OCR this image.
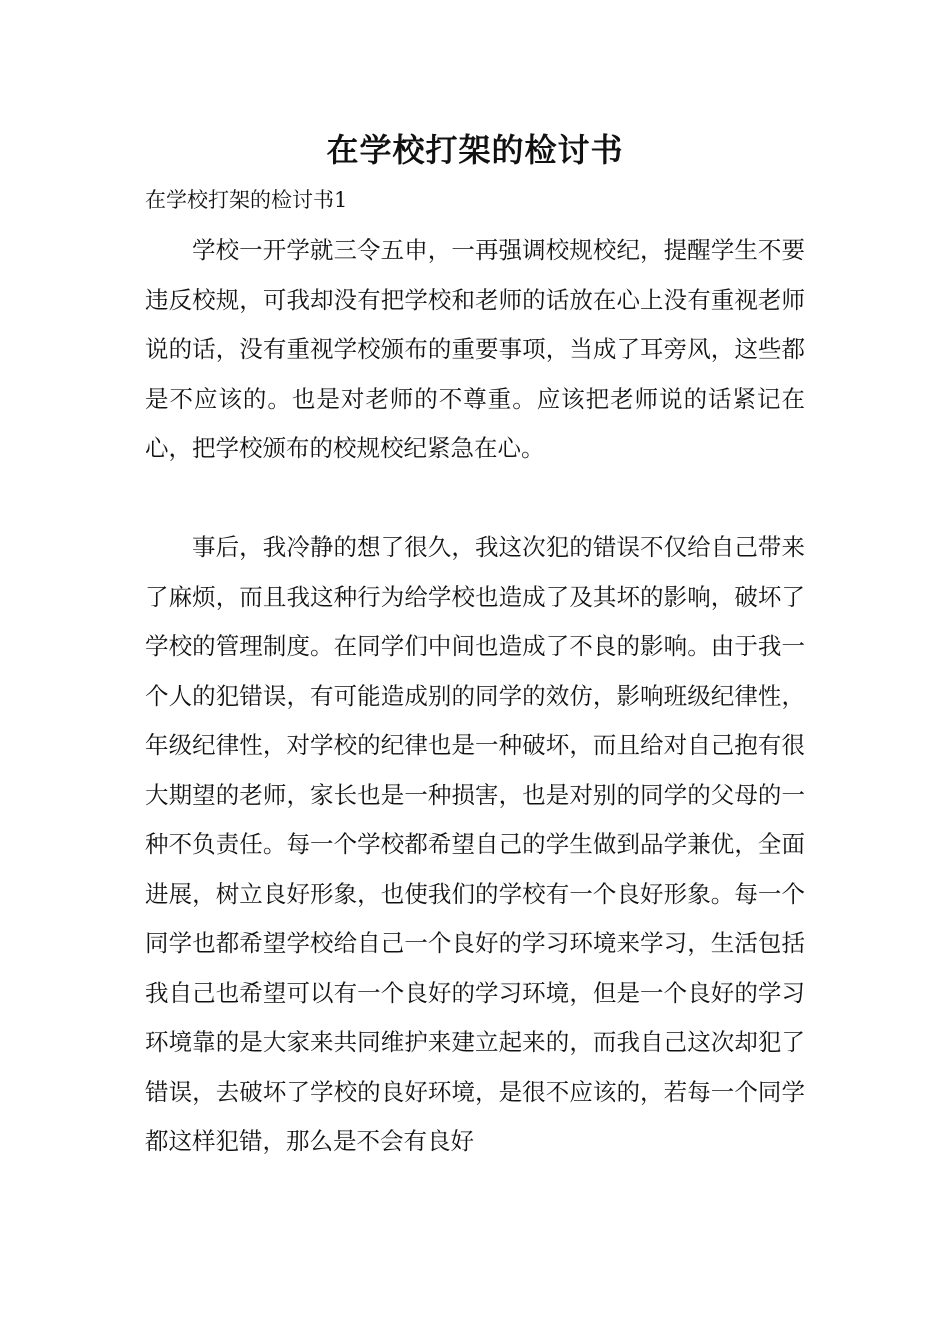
在学校打架的检讨书
在学校打架的检讨书1

学校一开学就三令五申，一再强调校规校纪，提醒学生不要违反校规，可我却没有把学校和老师的话放在心上没有重视老师说的话，没有重视学校颁布的重要事项，当成了耳旁风，这些都是不应该的。也是对老师的不尊重。应该把老师说的话紧记在心，把学校颁布的校规校纪紧急在心。

事后，我冷静的想了很久，我这次犯的错误不仅给自己带来了麻烦，而且我这种行为给学校也造成了及其坏的影响，破坏了学校的管理制度。在同学们中间也造成了不良的影响。由于我一个人的犯错误，有可能造成别的同学的效仿，影响班级纪律性，年级纪律性，对学校的纪律也是一种破坏，而且给对自己抱有很大期望的老师，家长也是一种损害，也是对别的同学的父母的一种不负责任。每一个学校都希望自己的学生做到品学兼优，全面进展，树立良好形象，也使我们的学校有一个良好形象。每一个同学也都希望学校给自己一个良好的学习环境来学习，生活包括我自己也希望可以有一个良好的学习环境，但是一个良好的学习环境靠的是大家来共同维护来建立起来的，而我自己这次却犯了错误，去破坏了学校的良好环境，是很不应该的，若每一个同学都这样犯错，那么是不会有良好
